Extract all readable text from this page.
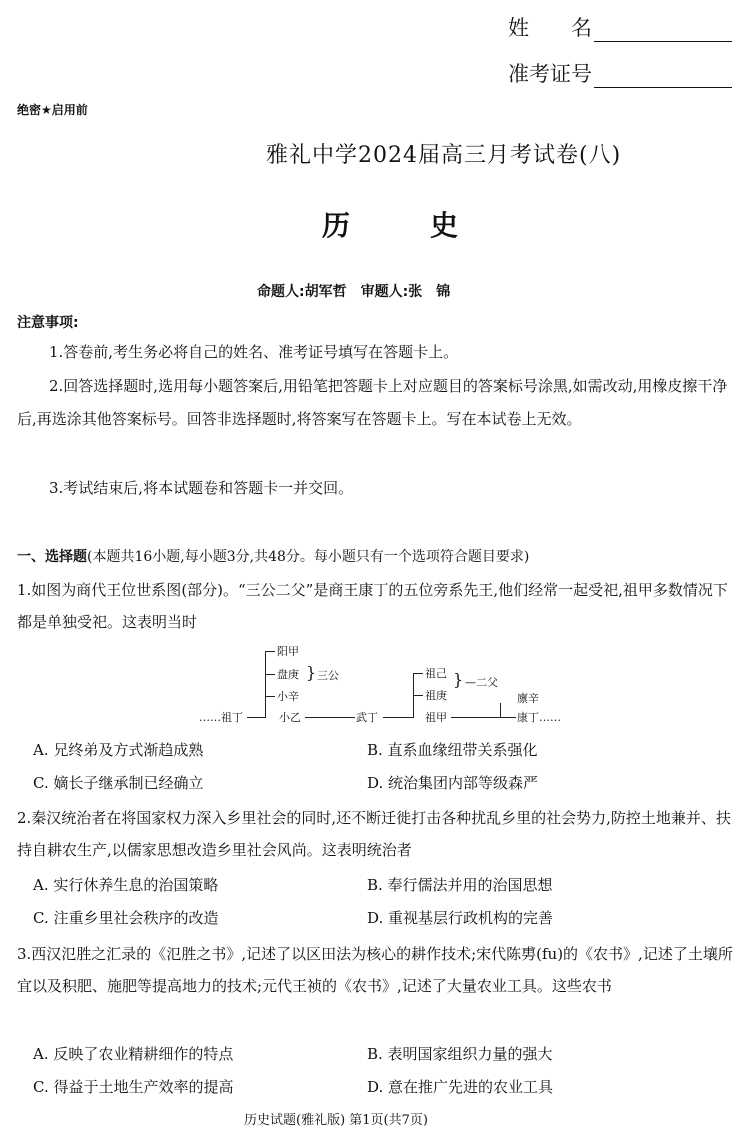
姓　　名
准考证号
绝密★启用前
雅礼中学2024届高三月考试卷(八)
历　史
命题人:胡军哲　审题人:张　锦
注意事项:
1.答卷前,考生务必将自己的姓名、准考证号填写在答题卡上。
2.回答选择题时,选用每小题答案后,用铅笔把答题卡上对应题目的答案标号涂黑,如需改动,用橡皮擦干净后,再选涂其他答案标号。回答非选择题时,将答案写在答题卡上。写在本试卷上无效。
3.考试结束后,将本试题卷和答题卡一并交回。
一、选择题(本题共16小题,每小题3分,共48分。每小题只有一个选项符合题目要求)
1.如图为商代王位世系图(部分)。“三公二父”是商王康丁的五位旁系先王,他们经常一起受祀,祖甲多数情况下都是单独受祀。这表明当时
……祖丁
阳甲
盘庚
小辛
小乙
} 三公
武丁
祖己
祖庚
祖甲
} —二父
廪辛
康丁……
A. 兄终弟及方式渐趋成熟	B. 直系血缘纽带关系强化
C. 嫡长子继承制已经确立	D. 统治集团内部等级森严
2.秦汉统治者在将国家权力深入乡里社会的同时,还不断迁徙打击各种扰乱乡里的社会势力,防控土地兼并、扶持自耕农生产,以儒家思想改造乡里社会风尚。这表明统治者
A. 实行休养生息的治国策略	B. 奉行儒法并用的治国思想
C. 注重乡里社会秩序的改造	D. 重视基层行政机构的完善
3.西汉氾胜之汇录的《氾胜之书》,记述了以区田法为核心的耕作技术;宋代陈旉(fu)的《农书》,记述了土壤所宜以及积肥、施肥等提高地力的技术;元代王祯的《农书》,记述了大量农业工具。这些农书
A. 反映了农业精耕细作的特点	B. 表明国家组织力量的强大
C. 得益于土地生产效率的提高	D. 意在推广先进的农业工具
历史试题(雅礼版) 第1页(共7页)
